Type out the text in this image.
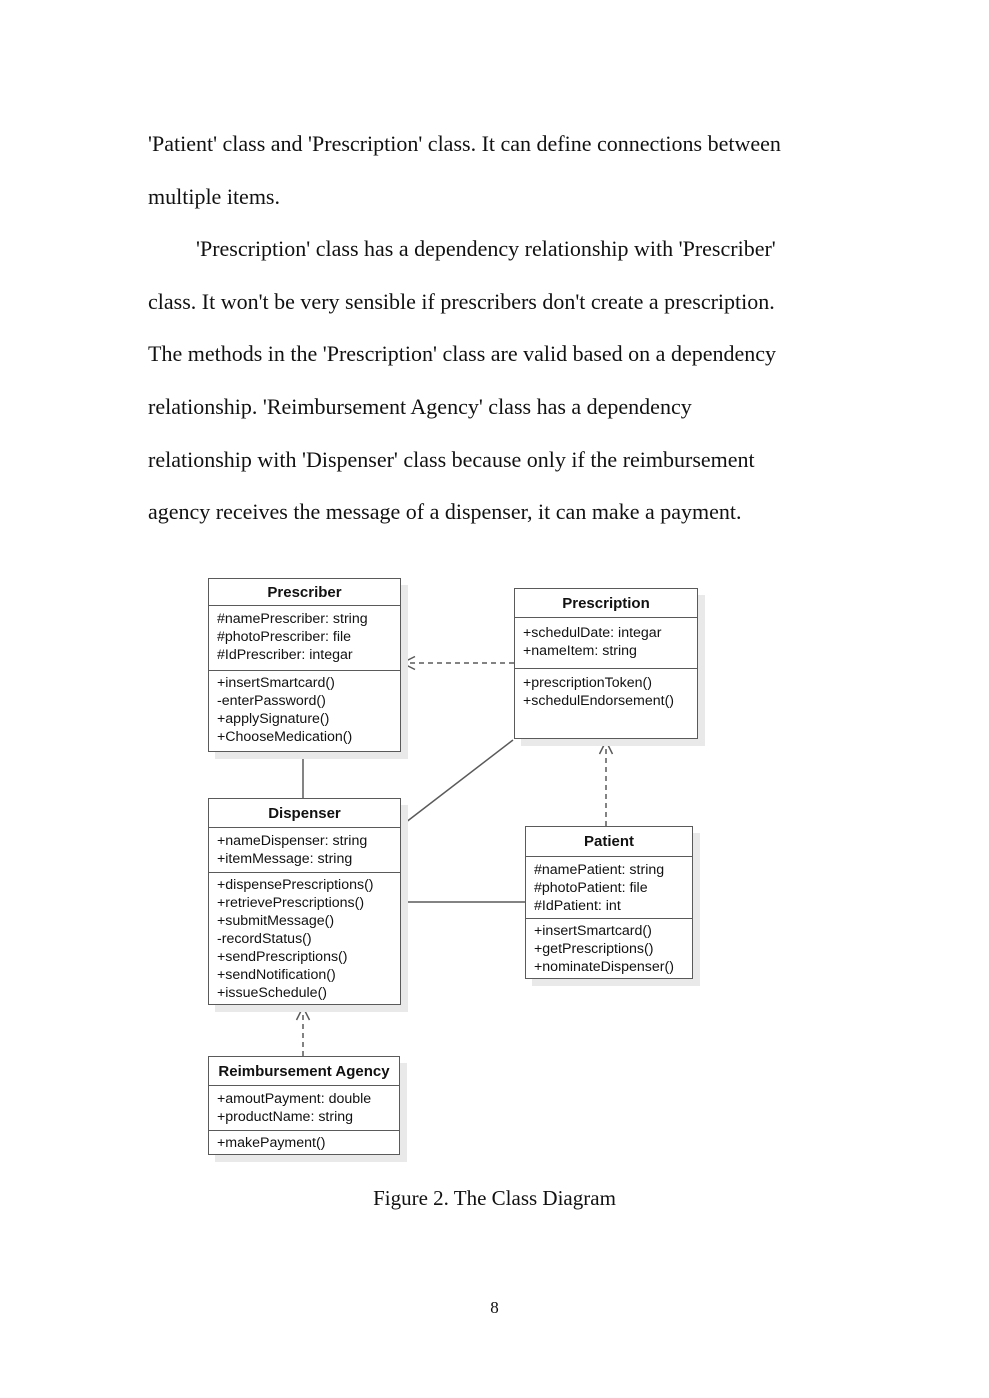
'Patient' class and 'Prescription' class. It can define connections between
multiple items.
'Prescription' class has a dependency relationship with 'Prescriber'
class. It won't be very sensible if prescribers don't create a prescription.
The methods in the 'Prescription' class are valid based on a dependency
relationship. 'Reimbursement Agency' class has a dependency
relationship with 'Dispenser' class because only if the reimbursement
agency receives the message of a dispenser, it can make a payment.
Prescriber
#namePrescriber: string
#photoPrescriber: file
#IdPrescriber: integar
+insertSmartcard()
-enterPassword()
+applySignature()
+ChooseMedication()
Prescription
+schedulDate: integar
+nameItem: string
+prescriptionToken()
+schedulEndorsement()
Dispenser
+nameDispenser: string
+itemMessage: string
+dispensePrescriptions()
+retrievePrescriptions()
+submitMessage()
-recordStatus()
+sendPrescriptions()
+sendNotification()
+issueSchedule()
Patient
#namePatient: string
#photoPatient: file
#IdPatient: int
+insertSmartcard()
+getPrescriptions()
+nominateDispenser()
Reimbursement Agency
+amoutPayment: double
+productName: string
+makePayment()
Figure 2. The Class Diagram
8
